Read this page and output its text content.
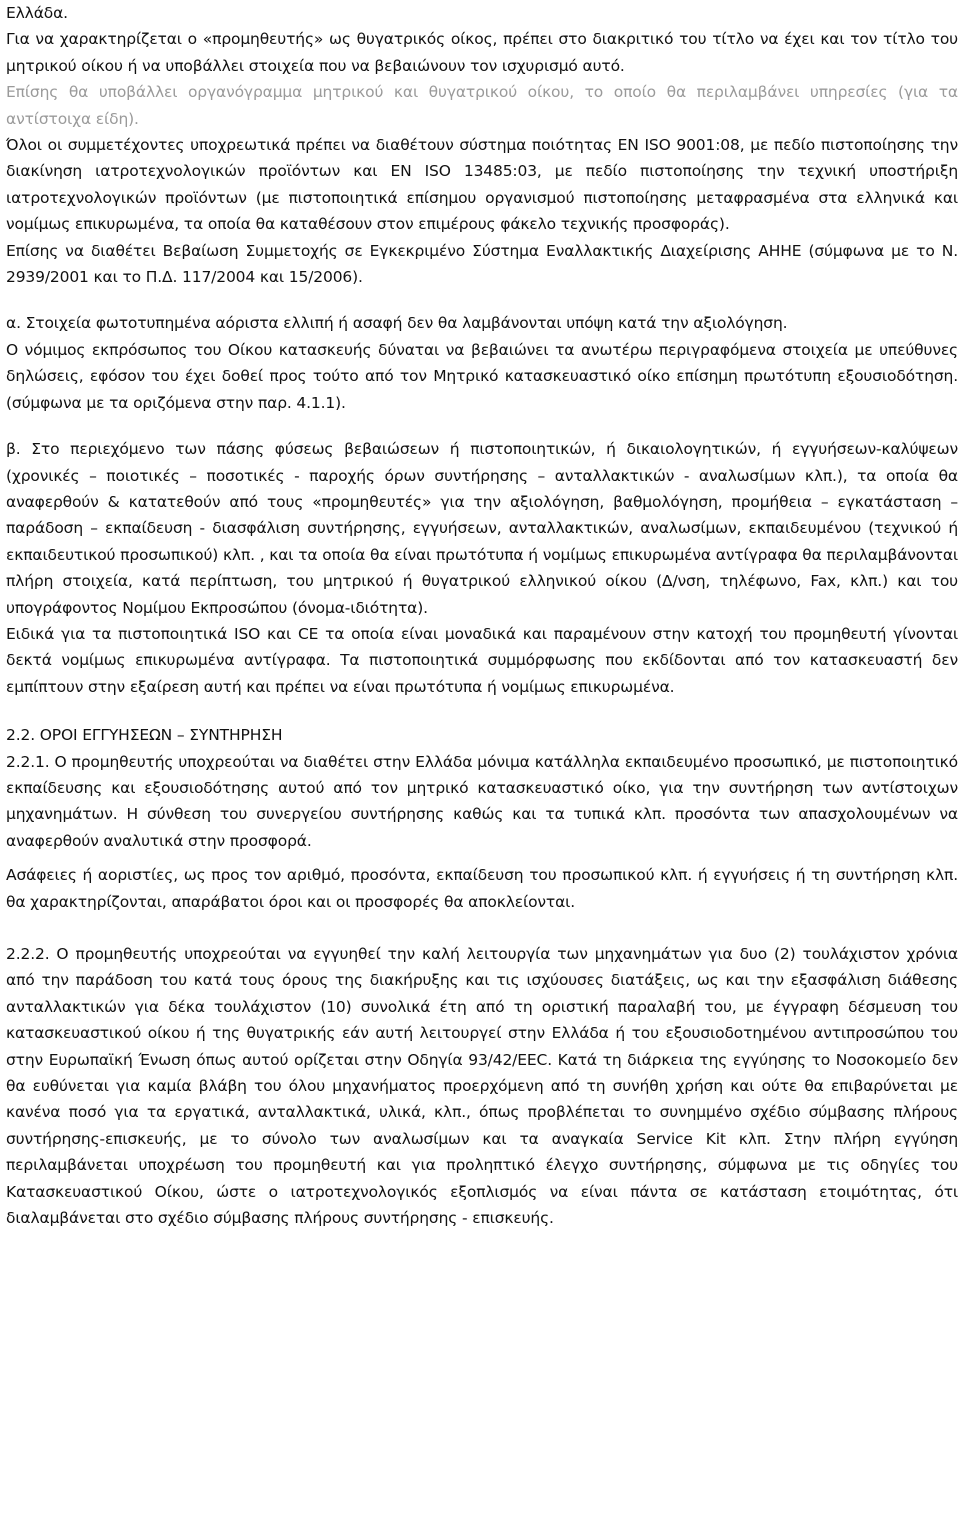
Ελλάδα.

Για να χαρακτηρίζεται ο «προμηθευτής» ως θυγατρικός οίκος, πρέπει στο διακριτικό του τίτλο να έχει και τον τίτλο του μητρικού οίκου ή να υποβάλλει στοιχεία που να βεβαιώνουν τον ισχυρισμό αυτό.

Επίσης θα υποβάλλει οργανόγραμμα μητρικού και θυγατρικού οίκου, το οποίο θα περιλαμβάνει υπηρεσίες (για τα αντίστοιχα είδη).

Όλοι οι συμμετέχοντες υποχρεωτικά πρέπει να διαθέτουν σύστημα ποιότητας EN ISO 9001:08, με πεδίο πιστοποίησης την διακίνηση ιατροτεχνολογικών προϊόντων και EN ISO 13485:03, με πεδίο πιστοποίησης την τεχνική υποστήριξη ιατροτεχνολογικών προϊόντων (με πιστοποιητικά επίσημου οργανισμού πιστοποίησης μεταφρασμένα στα ελληνικά και νομίμως επικυρωμένα, τα οποία θα καταθέσουν στον επιμέρους φάκελο τεχνικής προσφοράς).

Επίσης να διαθέτει Βεβαίωση Συμμετοχής σε Εγκεκριμένο Σύστημα Εναλλακτικής Διαχείρισης ΑΗΗΕ (σύμφωνα με το Ν. 2939/2001 και το Π.Δ. 117/2004 και 15/2006).

α. Στοιχεία φωτοτυπημένα αόριστα ελλιπή ή ασαφή δεν θα λαμβάνονται υπόψη κατά την αξιολόγηση.

Ο νόμιμος εκπρόσωπος του Οίκου κατασκευής δύναται να βεβαιώνει τα ανωτέρω περιγραφόμενα στοιχεία με υπεύθυνες δηλώσεις, εφόσον του έχει δοθεί προς τούτο από τον Μητρικό κατασκευαστικό οίκο επίσημη πρωτότυπη εξουσιοδότηση.(σύμφωνα με τα οριζόμενα στην παρ. 4.1.1).

β. Στο περιεχόμενο των πάσης φύσεως βεβαιώσεων ή πιστοποιητικών, ή δικαιολογητικών, ή εγγυήσεων-καλύψεων (χρονικές – ποιοτικές – ποσοτικές - παροχής όρων συντήρησης – ανταλλακτικών - αναλωσίμων κλπ.), τα οποία θα αναφερθούν & κατατεθούν από τους «προμηθευτές» για την αξιολόγηση, βαθμολόγηση, προμήθεια – εγκατάσταση – παράδοση – εκπαίδευση - διασφάλιση συντήρησης, εγγυήσεων, ανταλλακτικών, αναλωσίμων, εκπαιδευμένου (τεχνικού ή εκπαιδευτικού προσωπικού) κλπ. , και τα οποία θα είναι πρωτότυπα ή νομίμως επικυρωμένα αντίγραφα θα περιλαμβάνονται πλήρη στοιχεία, κατά περίπτωση, του μητρικού ή θυγατρικού ελληνικού οίκου (Δ/νση, τηλέφωνο, Fax, κλπ.) και του υπογράφοντος Νομίμου Εκπροσώπου (όνομα-ιδιότητα).

Ειδικά για τα πιστοποιητικά ISO και CE τα οποία είναι μοναδικά και παραμένουν στην κατοχή του προμηθευτή γίνονται δεκτά νομίμως επικυρωμένα αντίγραφα. Τα πιστοποιητικά συμμόρφωσης που εκδίδονται από τον κατασκευαστή δεν εμπίπτουν στην εξαίρεση αυτή και πρέπει να είναι πρωτότυπα ή νομίμως επικυρωμένα.

2.2. ΟΡΟΙ ΕΓΓΥΗΣΕΩΝ – ΣΥΝΤΗΡΗΣΗ

2.2.1. Ο προμηθευτής υποχρεούται να διαθέτει στην Ελλάδα μόνιμα κατάλληλα εκπαιδευμένο προσωπικό, με πιστοποιητικό εκπαίδευσης και εξουσιοδότησης αυτού από τον μητρικό κατασκευαστικό οίκο, για την συντήρηση των αντίστοιχων μηχανημάτων. Η σύνθεση του συνεργείου συντήρησης καθώς και τα τυπικά κλπ. προσόντα των απασχολουμένων να αναφερθούν αναλυτικά στην προσφορά.

Ασάφειες ή αοριστίες, ως προς τον αριθμό, προσόντα, εκπαίδευση του προσωπικού κλπ. ή εγγυήσεις ή τη συντήρηση κλπ. θα χαρακτηρίζονται, απαράβατοι όροι και οι προσφορές θα αποκλείονται.

2.2.2. Ο προμηθευτής υποχρεούται να εγγυηθεί την καλή λειτουργία των μηχανημάτων για δυο (2) τουλάχιστον χρόνια από την παράδοση του κατά τους όρους της διακήρυξης και τις ισχύουσες διατάξεις, ως και την εξασφάλιση διάθεσης ανταλλακτικών για δέκα τουλάχιστον (10) συνολικά έτη από τη οριστική παραλαβή του, με έγγραφη δέσμευση του κατασκευαστικού οίκου ή της θυγατρικής εάν αυτή λειτουργεί στην Ελλάδα ή του εξουσιοδοτημένου αντιπροσώπου του στην Ευρωπαϊκή Ένωση όπως αυτού ορίζεται στην Οδηγία 93/42/ΕΕC. Κατά τη διάρκεια της εγγύησης το Νοσοκομείο δεν θα ευθύνεται για καμία βλάβη του όλου μηχανήματος προερχόμενη από τη συνήθη χρήση και ούτε θα επιβαρύνεται με κανένα ποσό για τα εργατικά, ανταλλακτικά, υλικά, κλπ., όπως προβλέπεται το συνημμένο σχέδιο σύμβασης πλήρους συντήρησης-επισκευής, με το σύνολο των αναλωσίμων και τα αναγκαία Service Kit κλπ. Στην πλήρη εγγύηση περιλαμβάνεται υποχρέωση του προμηθευτή και για προληπτικό έλεγχο συντήρησης, σύμφωνα με τις οδηγίες του Κατασκευαστικού Οίκου, ώστε ο ιατροτεχνολογικός εξοπλισμός να είναι πάντα σε κατάσταση ετοιμότητας, ότι διαλαμβάνεται στο σχέδιο σύμβασης πλήρους συντήρησης - επισκευής.
